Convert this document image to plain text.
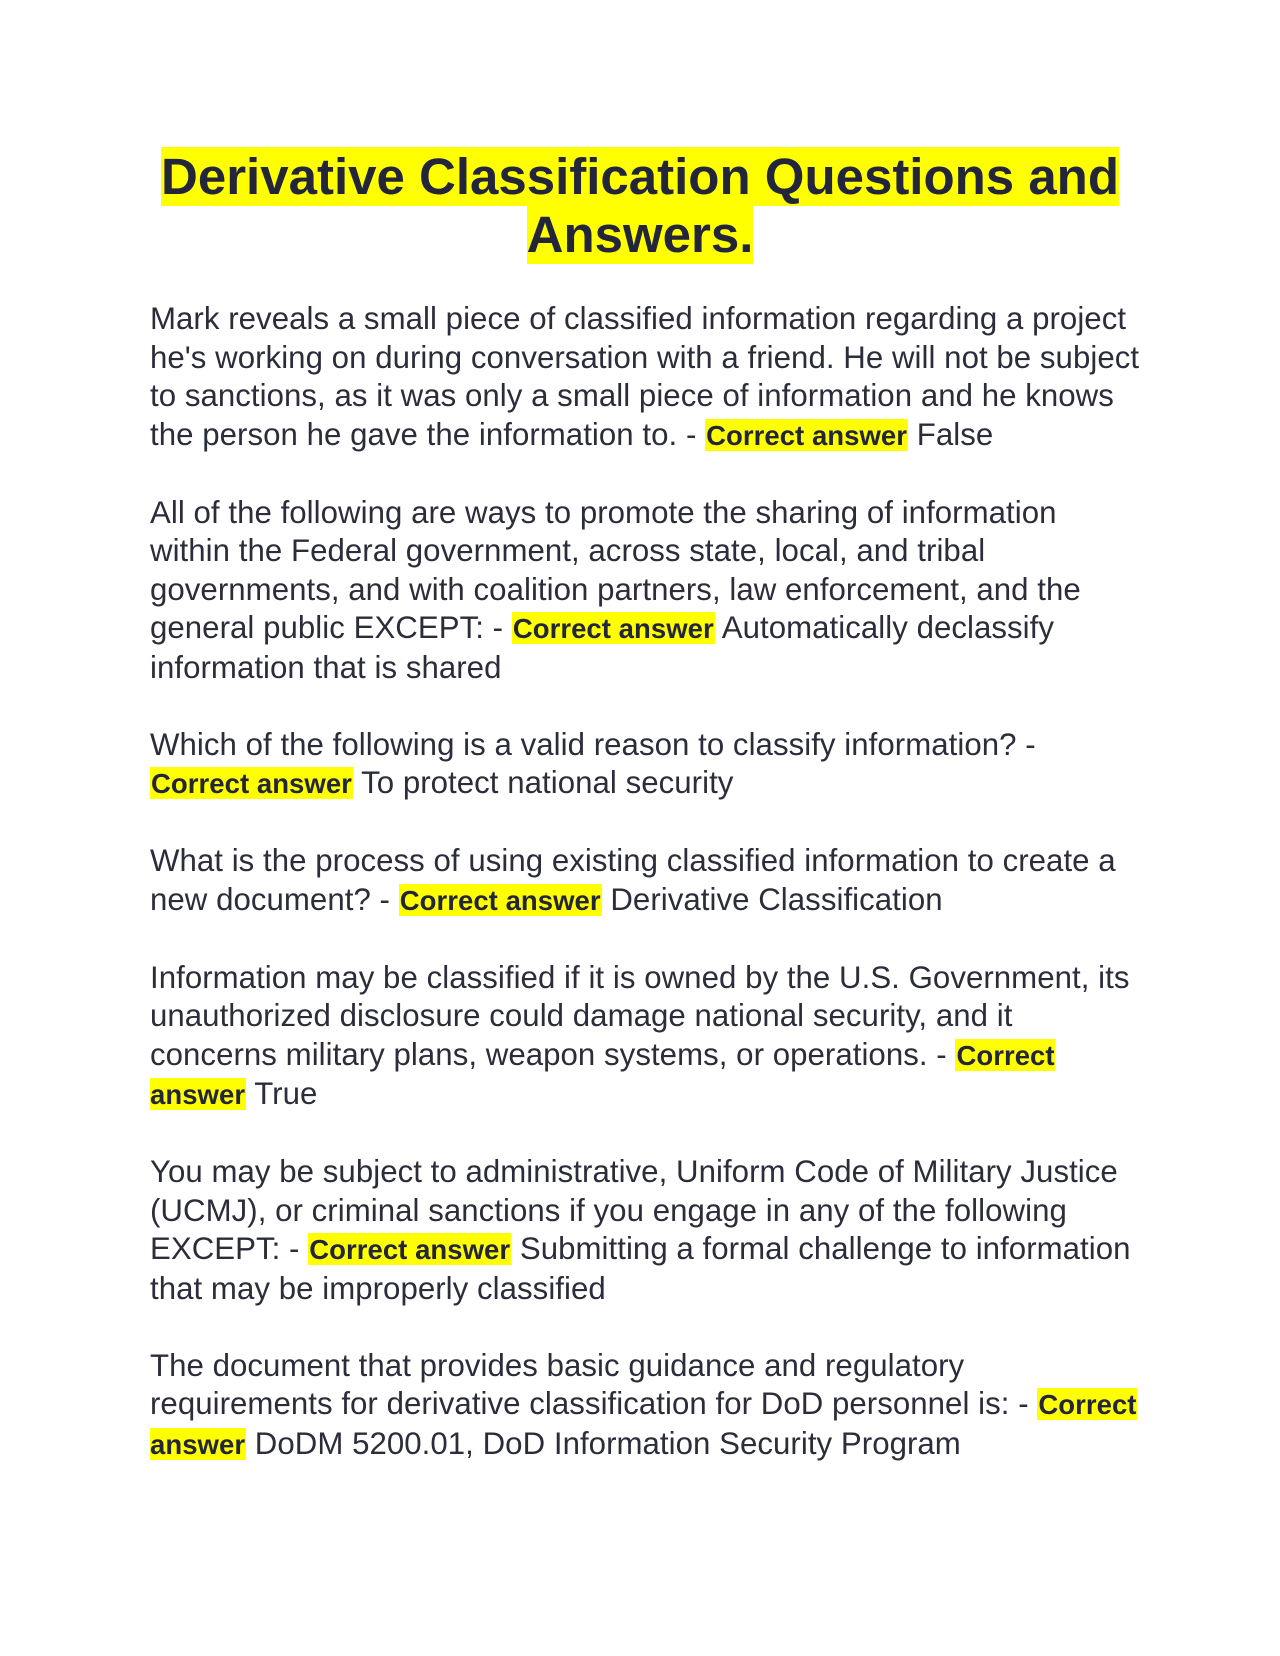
Derivative Classification Questions and Answers.

Mark reveals a small piece of classified information regarding a project he's working on during conversation with a friend. He will not be subject to sanctions, as it was only a small piece of information and he knows the person he gave the information to. - Correct answer False

All of the following are ways to promote the sharing of information within the Federal government, across state, local, and tribal governments, and with coalition partners, law enforcement, and the general public EXCEPT: - Correct answer Automatically declassify information that is shared

Which of the following is a valid reason to classify information? - Correct answer To protect national security

What is the process of using existing classified information to create a new document? - Correct answer Derivative Classification

Information may be classified if it is owned by the U.S. Government, its unauthorized disclosure could damage national security, and it concerns military plans, weapon systems, or operations. - Correct answer True

You may be subject to administrative, Uniform Code of Military Justice (UCMJ), or criminal sanctions if you engage in any of the following EXCEPT: - Correct answer Submitting a formal challenge to information that may be improperly classified

The document that provides basic guidance and regulatory requirements for derivative classification for DoD personnel is: - Correct answer DoDM 5200.01, DoD Information Security Program
